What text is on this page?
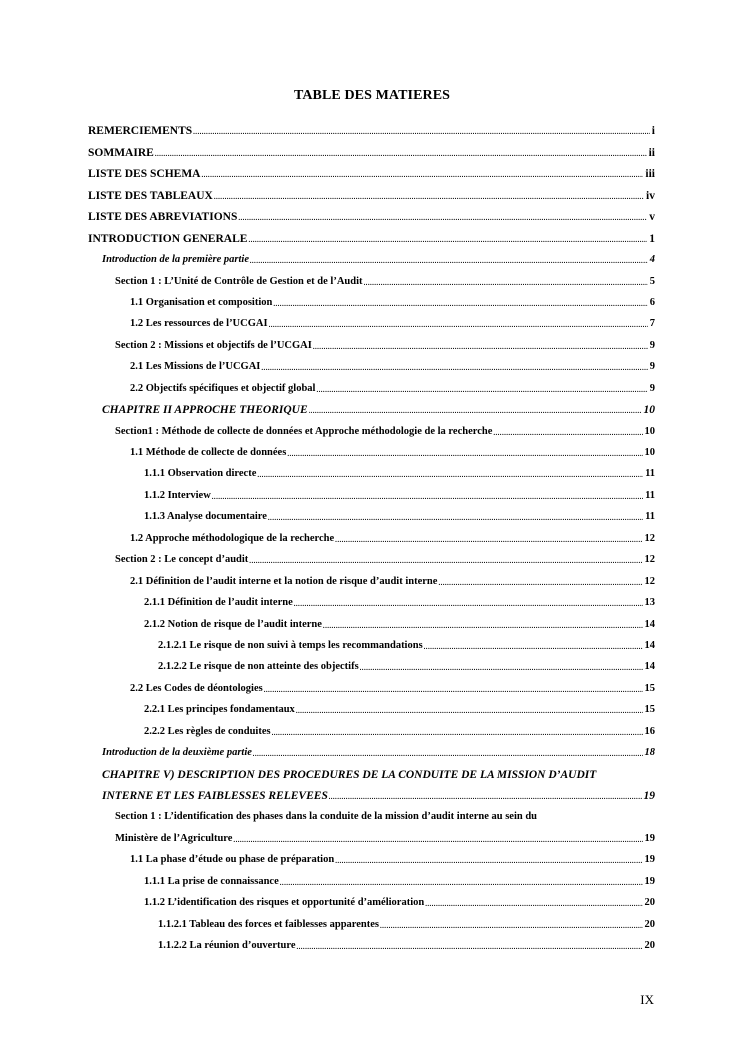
TABLE DES MATIERES
REMERCIEMENTS .....	i
SOMMAIRE .....	ii
LISTE DES SCHEMA .....	iii
LISTE DES TABLEAUX .....	iv
LISTE DES ABREVIATIONS .....	v
INTRODUCTION GENERALE .....	1
Introduction de la première partie .....	4
Section 1 : L’Unité de Contrôle de Gestion et de l’Audit .....	5
1.1 Organisation et composition .....	6
1.2 Les ressources de l’UCGAI .....	7
Section 2 : Missions et objectifs de l’UCGAI .....	9
2.1 Les Missions de l’UCGAI .....	9
2.2 Objectifs spécifiques et objectif global .....	9
CHAPITRE II APPROCHE THEORIQUE .....	10
Section1 : Méthode de collecte de données et Approche méthodologie de la recherche .....	10
1.1 Méthode de collecte de données .....	10
1.1.1 Observation directe .....	11
1.1.2 Interview .....	11
1.1.3 Analyse documentaire .....	11
1.2 Approche méthodologique de la recherche .....	12
Section 2 : Le concept d’audit .....	12
2.1 Définition de l’audit interne et la notion de risque d’audit interne .....	12
2.1.1 Définition de l’audit interne .....	13
2.1.2 Notion de risque de l’audit interne .....	14
2.1.2.1 Le risque de non suivi à temps les recommandations .....	14
2.1.2.2 Le risque de non atteinte des objectifs .....	14
2.2 Les Codes de déontologies .....	15
2.2.1 Les principes fondamentaux .....	15
2.2.2 Les règles de conduites .....	16
Introduction de la deuxième partie .....	18
CHAPITRE V) DESCRIPTION DES PROCEDURES DE LA CONDUITE DE LA MISSION D’AUDIT
INTERNE ET LES FAIBLESSES RELEVEES .....	19
Section 1 : L’identification des phases dans la conduite de la mission d’audit interne au sein du
Ministère de l’Agriculture .....	19
1.1 La phase d’étude ou phase de préparation .....	19
1.1.1 La prise de connaissance .....	19
1.1.2 L’identification des risques et opportunité d’amélioration .....	20
1.1.2.1 Tableau des forces et faiblesses apparentes .....	20
1.1.2.2 La réunion d’ouverture .....	20
IX
